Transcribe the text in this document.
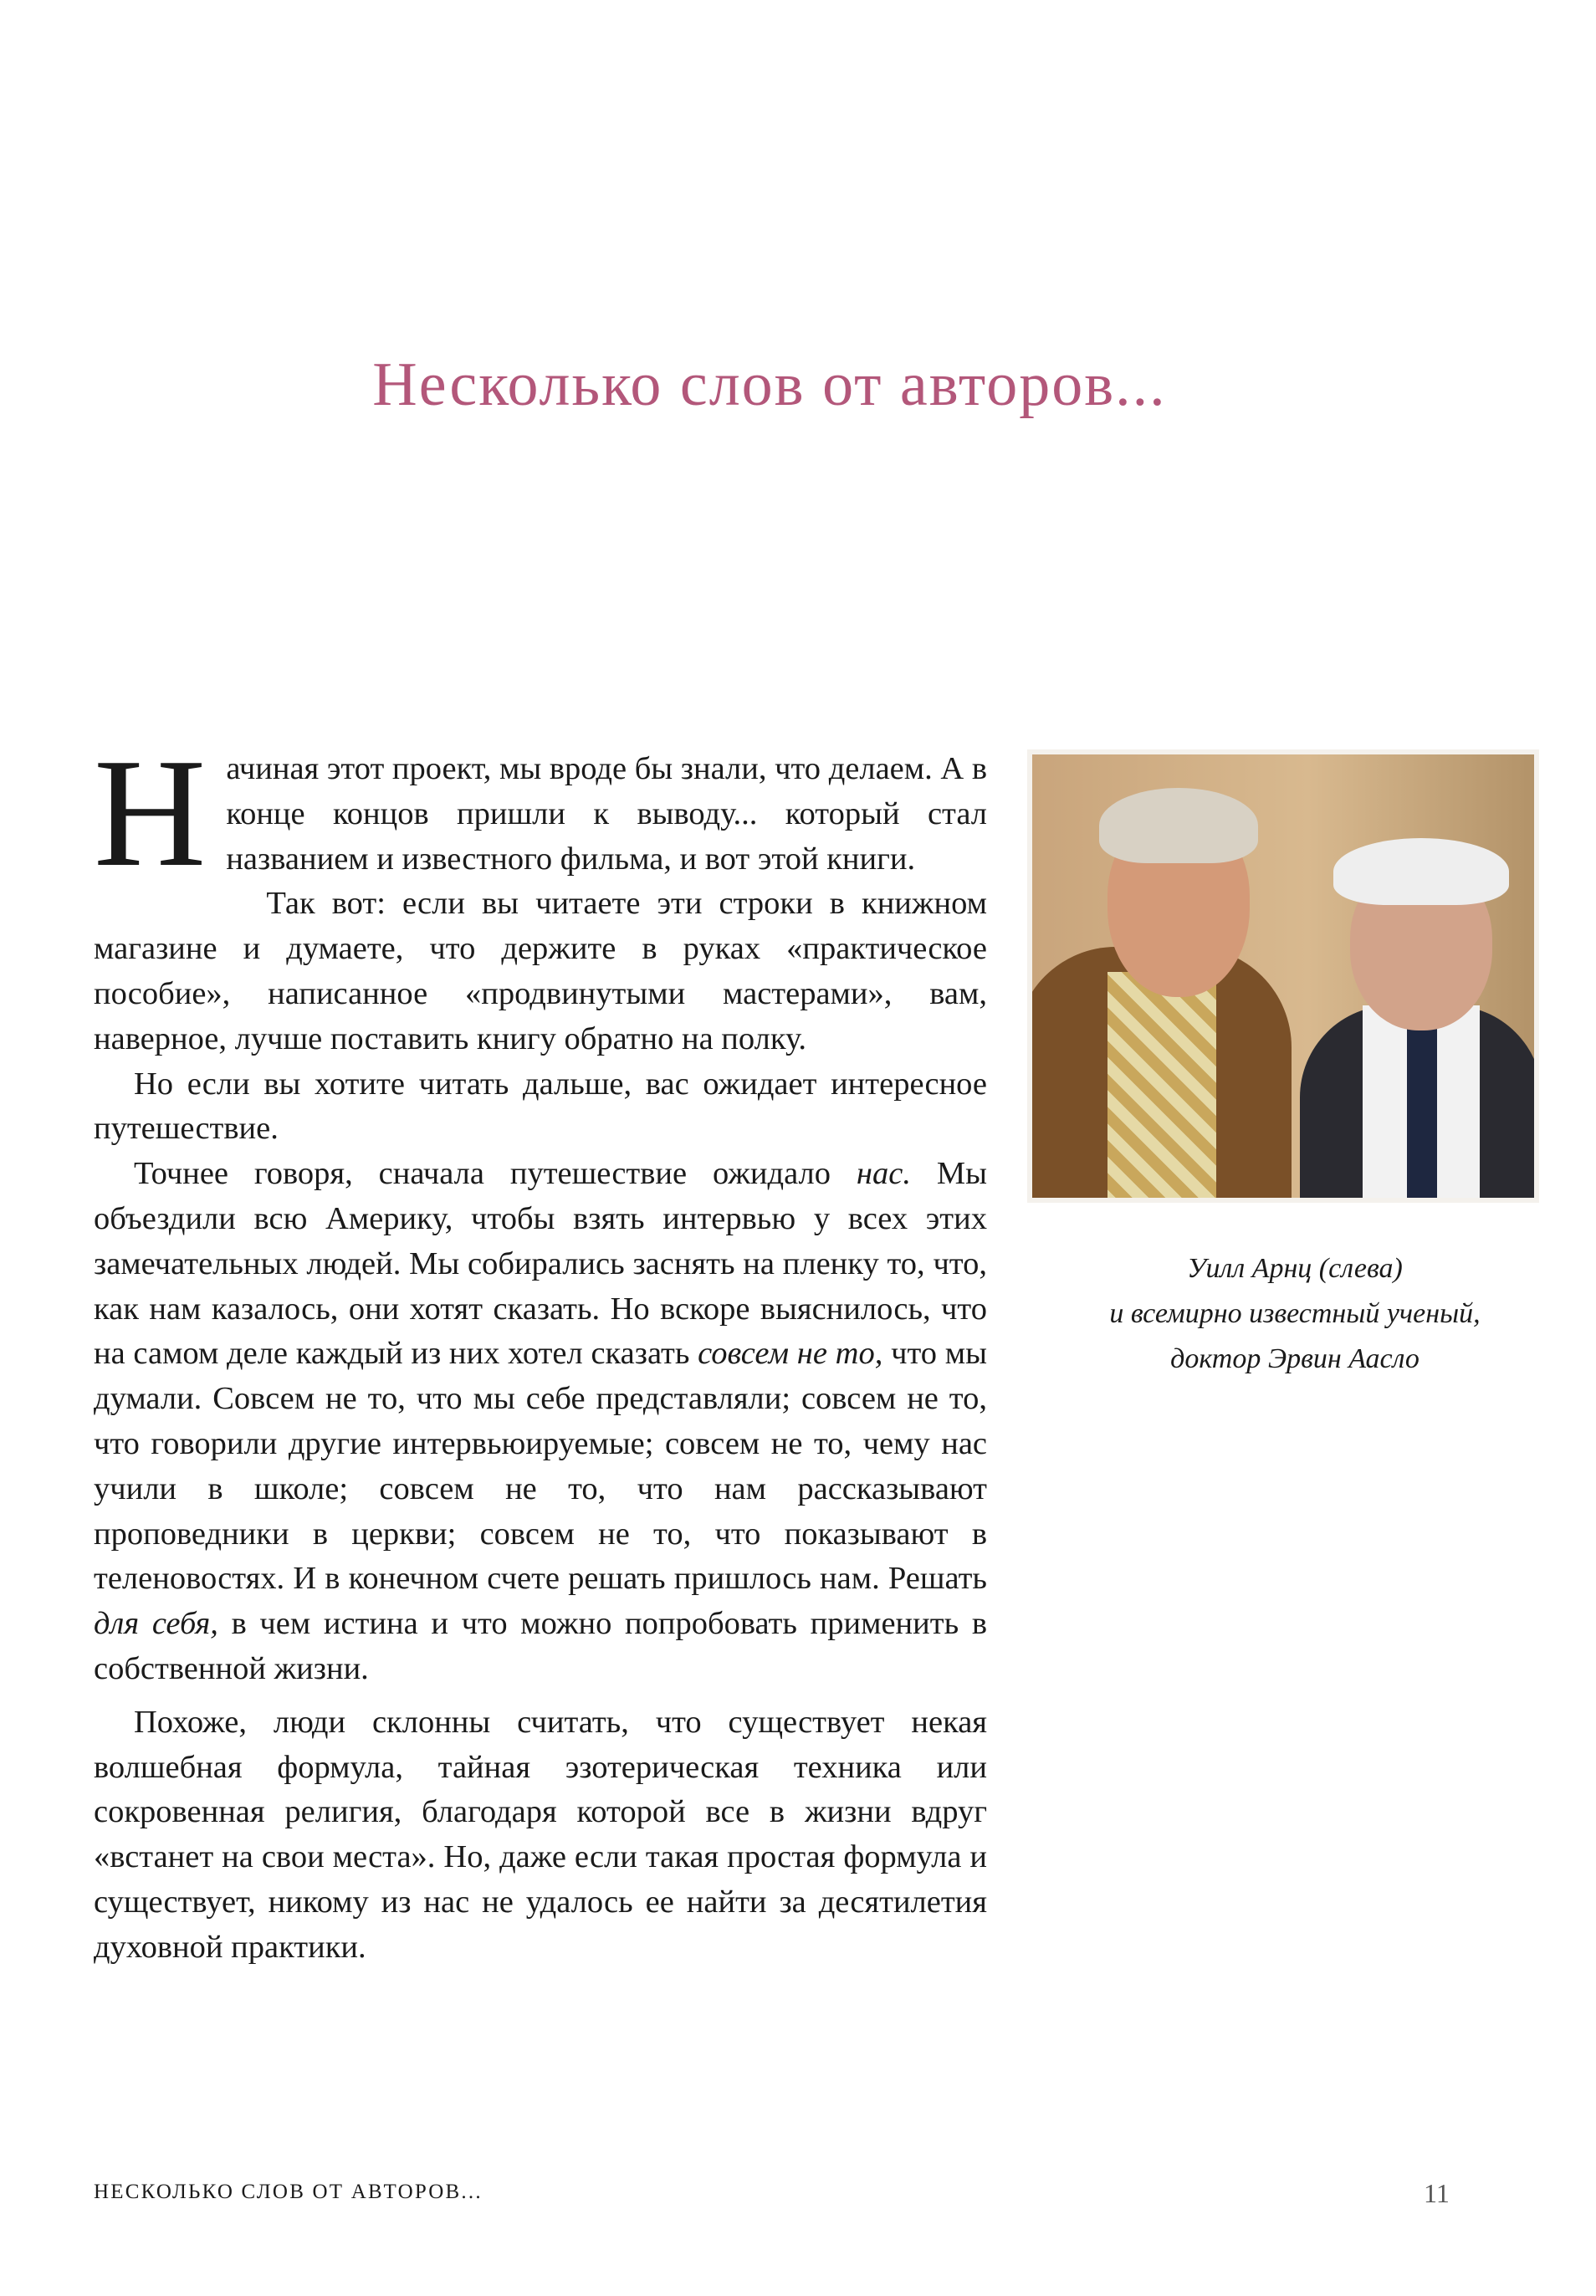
Несколько слов от авторов...

Начиная этот проект, мы вроде бы знали, что делаем. А в конце концов пришли к выводу... который стал названием и известного фильма, и вот этой книги.

Так вот: если вы читаете эти строки в книжном магазине и думаете, что держите в руках «практическое пособие», написанное «продвинутыми мастерами», вам, наверное, лучше поставить книгу обратно на полку.

Но если вы хотите читать дальше, вас ожидает интересное путешествие.

Точнее говоря, сначала путешествие ожидало нас. Мы объездили всю Америку, чтобы взять интервью у всех этих замечательных людей. Мы собирались заснять на пленку то, что, как нам казалось, они хотят сказать. Но вскоре выяснилось, что на самом деле каждый из них хотел сказать совсем не то, что мы думали. Совсем не то, что мы себе представляли; совсем не то, что говорили другие интервьюируемые; совсем не то, чему нас учили в школе; совсем не то, что нам рассказывают проповедники в церкви; совсем не то, что показывают в теленовостях. И в конечном счете решать пришлось нам. Решать для себя, в чем истина и что можно попробовать применить в собственной жизни.

Похоже, люди склонны считать, что существует некая волшебная формула, тайная эзотерическая техника или сокровенная религия, благодаря которой все в жизни вдруг «встанет на свои места». Но, даже если такая простая формула и существует, никому из нас не удалось ее найти за десятилетия духовной практики.

Уилл Арнц (слева)
и всемирно известный ученый,
доктор Эрвин Аасло
НЕСКОЛЬКО СЛОВ ОТ АВТОРОВ...	11
